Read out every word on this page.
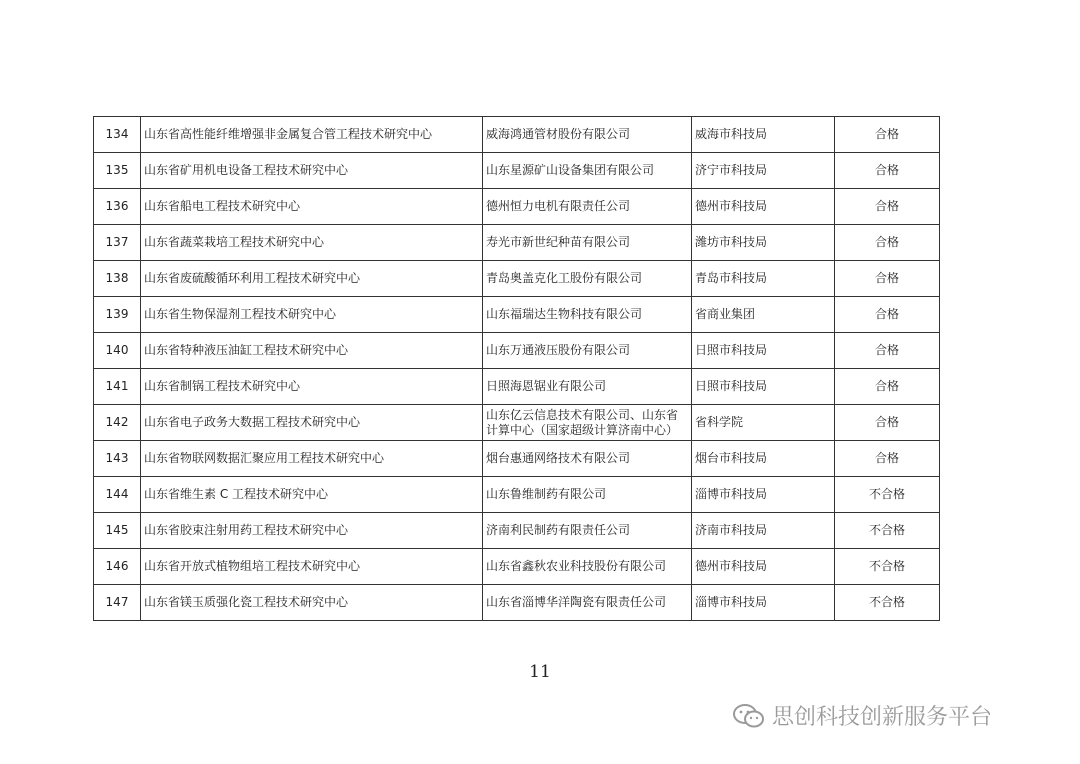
134	山东省高性能纤维增强非金属复合管工程技术研究中心	威海鸿通管材股份有限公司	威海市科技局	合格
135	山东省矿用机电设备工程技术研究中心	山东星源矿山设备集团有限公司	济宁市科技局	合格
136	山东省船电工程技术研究中心	德州恒力电机有限责任公司	德州市科技局	合格
137	山东省蔬菜栽培工程技术研究中心	寿光市新世纪种苗有限公司	潍坊市科技局	合格
138	山东省废硫酸循环利用工程技术研究中心	青岛奥盖克化工股份有限公司	青岛市科技局	合格
139	山东省生物保湿剂工程技术研究中心	山东福瑞达生物科技有限公司	省商业集团	合格
140	山东省特种液压油缸工程技术研究中心	山东万通液压股份有限公司	日照市科技局	合格
141	山东省制锅工程技术研究中心	日照海恩锯业有限公司	日照市科技局	合格
142	山东省电子政务大数据工程技术研究中心	山东亿云信息技术有限公司、山东省计算中心（国家超级计算济南中心）	省科学院	合格
143	山东省物联网数据汇聚应用工程技术研究中心	烟台惠通网络技术有限公司	烟台市科技局	合格
144	山东省维生素 C 工程技术研究中心	山东鲁维制药有限公司	淄博市科技局	不合格
145	山东省胶束注射用药工程技术研究中心	济南利民制药有限责任公司	济南市科技局	不合格
146	山东省开放式植物组培工程技术研究中心	山东省鑫秋农业科技股份有限公司	德州市科技局	不合格
147	山东省镁玉质强化瓷工程技术研究中心	山东省淄博华洋陶瓷有限责任公司	淄博市科技局	不合格
11
思创科技创新服务平台
